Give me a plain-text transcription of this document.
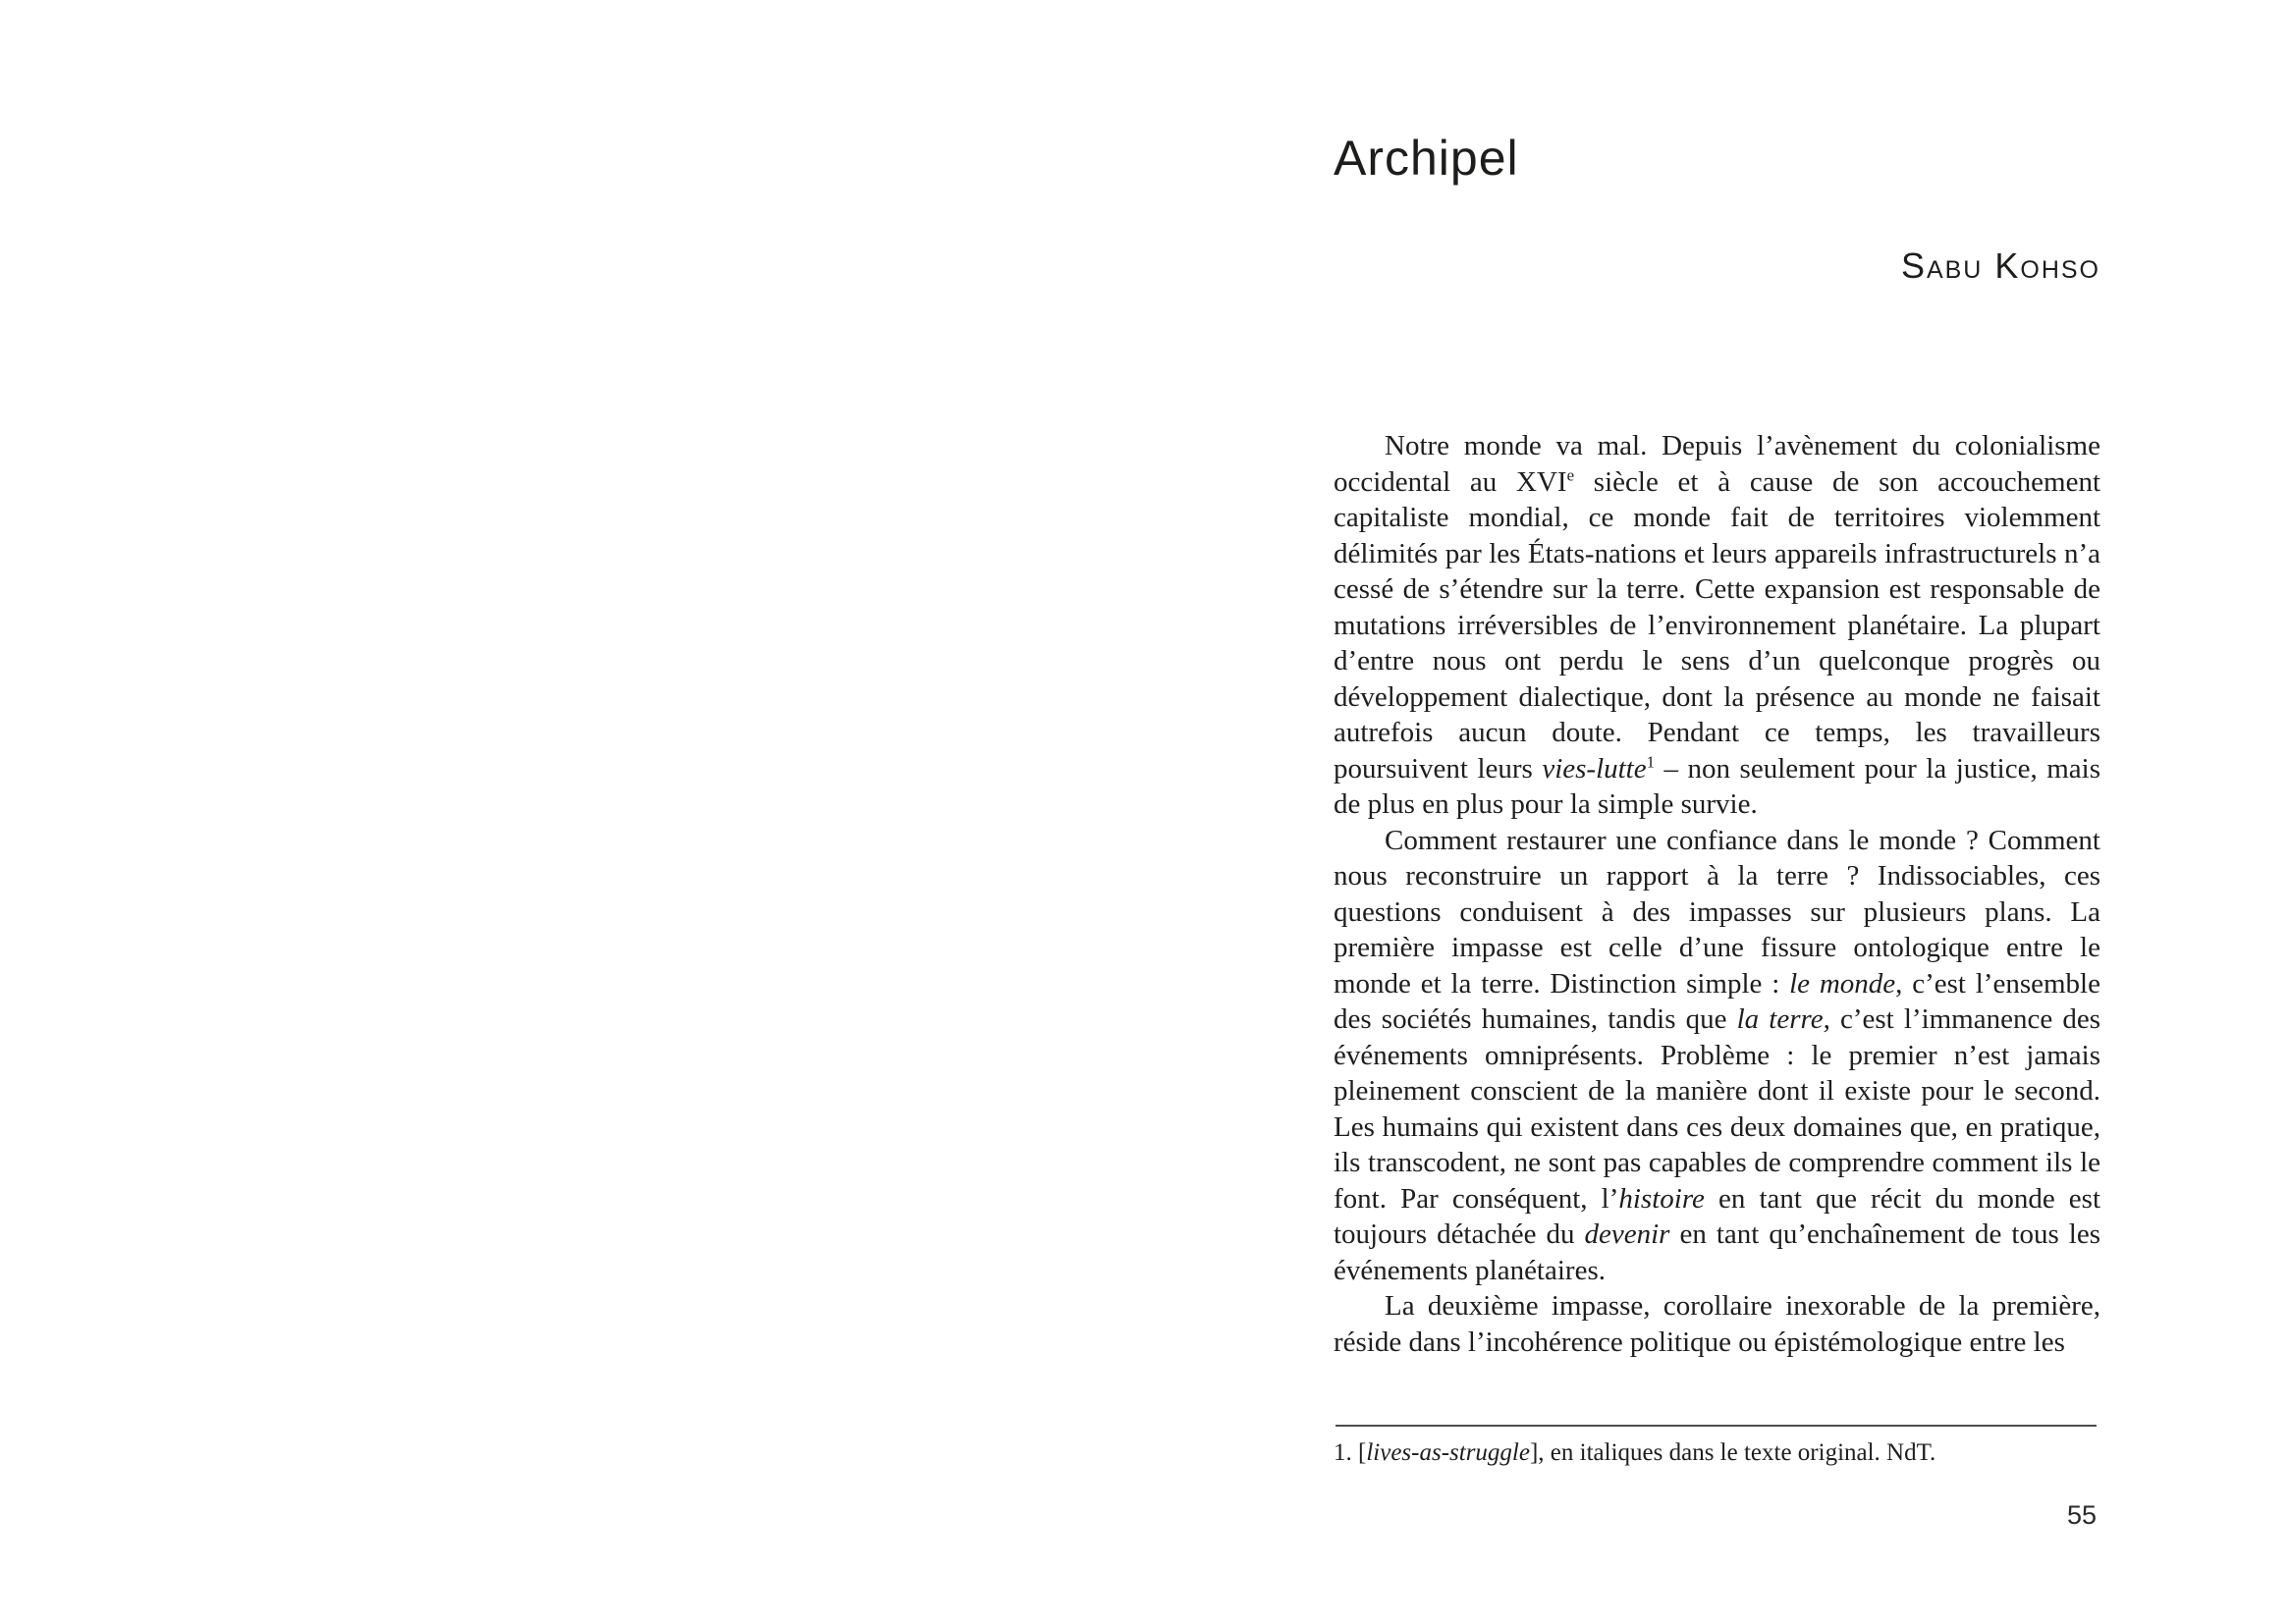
Archipel
Sabu Kohso

Notre monde va mal. Depuis l’avènement du colonialisme occidental au XVIe siècle et à cause de son accouchement capitaliste mondial, ce monde fait de territoires violemment délimités par les États-nations et leurs appareils infrastructurels n’a cessé de s’étendre sur la terre. Cette expansion est responsable de mutations irréversibles de l’environnement planétaire. La plupart d’entre nous ont perdu le sens d’un quelconque progrès ou développement dialectique, dont la présence au monde ne faisait autrefois aucun doute. Pendant ce temps, les travailleurs poursuivent leurs vies-lutte$^1$ – non seulement pour la justice, mais de plus en plus pour la simple survie.

Comment restaurer une confiance dans le monde ? Comment nous reconstruire un rapport à la terre ? Indissociables, ces questions conduisent à des impasses sur plusieurs plans. La première impasse est celle d’une fissure ontologique entre le monde et la terre. Distinction simple : le monde, c’est l’ensemble des sociétés humaines, tandis que la terre, c’est l’immanence des événements omniprésents. Problème : le premier n’est jamais pleinement conscient de la manière dont il existe pour le second. Les humains qui existent dans ces deux domaines que, en pratique, ils transcodent, ne sont pas capables de comprendre comment ils le font. Par conséquent, l’histoire en tant que récit du monde est toujours détachée du devenir en tant qu’enchaînement de tous les événements planétaires.

La deuxième impasse, corollaire inexorable de la première, réside dans l’incohérence politique ou épistémologique entre les

1. [lives-as-struggle], en italiques dans le texte original. NdT.
55
